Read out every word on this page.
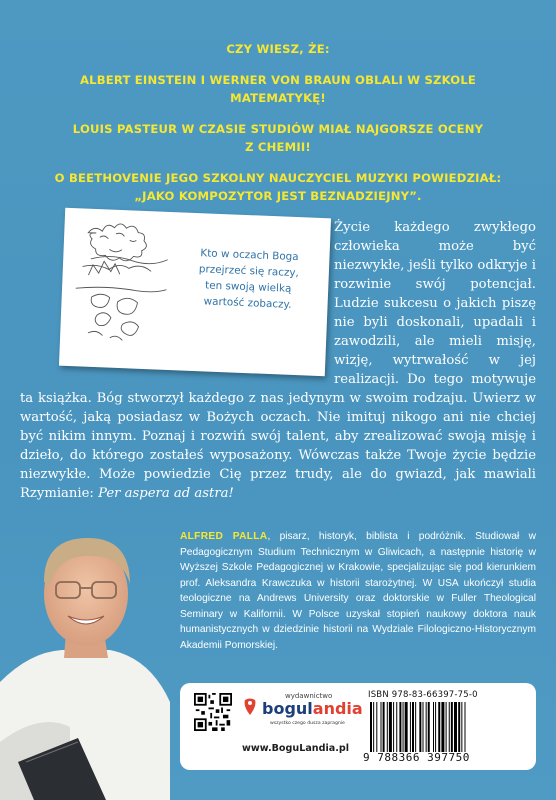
CZY WIESZ, ŻE:

ALBERT EINSTEIN I WERNER VON BRAUN OBLALI W SZKOLE
MATEMATYKĘ!

LOUIS PASTEUR W CZASIE STUDIÓW MIAŁ NAJGORSZE OCENY
Z CHEMII!

O BEETHOVENIE JEGO SZKOLNY NAUCZYCIEL MUZYKI POWIEDZIAŁ:
„JAKO KOMPOZYTOR JEST BEZNADZIEJNY”.

Życie każdego zwykłego człowieka może być niezwykłe, jeśli tylko odkryje i rozwinie swój potencjał. Ludzie sukcesu o jakich piszę nie byli doskonali, upadali i zawodzili, ale mieli misję, wizję, wytrwałość w jej realizacji. Do tego motywuje ta książka. Bóg stworzył każdego z nas jedynym w swoim rodzaju. Uwierz w wartość, jaką posiadasz w Bożych oczach. Nie imituj nikogo ani nie chciej być nikim innym. Poznaj i rozwiń swój talent, aby zrealizować swoją misję i dzieło, do którego zostałeś wyposażony. Wówczas także Twoje życie będzie niezwykłe. Może powiedzie Cię przez trudy, ale do gwiazd, jak mawiali Rzymianie: Per aspera ad astra!
Kto w oczach Boga
przejrzeć się raczy,
ten swoją wielką
wartość zobaczy.
ALFRED PALLA, pisarz, historyk, biblista i podróżnik. Studiował w Pedagogicznym Studium Technicznym w Gliwicach, a następnie historię w Wyższej Szkole Pedagogicznej w Krakowie, specjalizując się pod kierunkiem prof. Aleksandra Krawczuka w historii starożytnej. W USA ukończył studia teologiczne na Andrews University oraz doktorskie w Fuller Theological Seminary w Kalifornii. W Polsce uzyskał stopień naukowy doktora nauk humanistycznych w dziedzinie historii na Wydziale Filologiczno-Historycznym Akademii Pomorskiej.
wydawnictwo
bogulandia
wszystko czego dusza zapragnie
www.BoguLandia.pl
ISBN 978-83-66397-75-0
9 788366 397750
